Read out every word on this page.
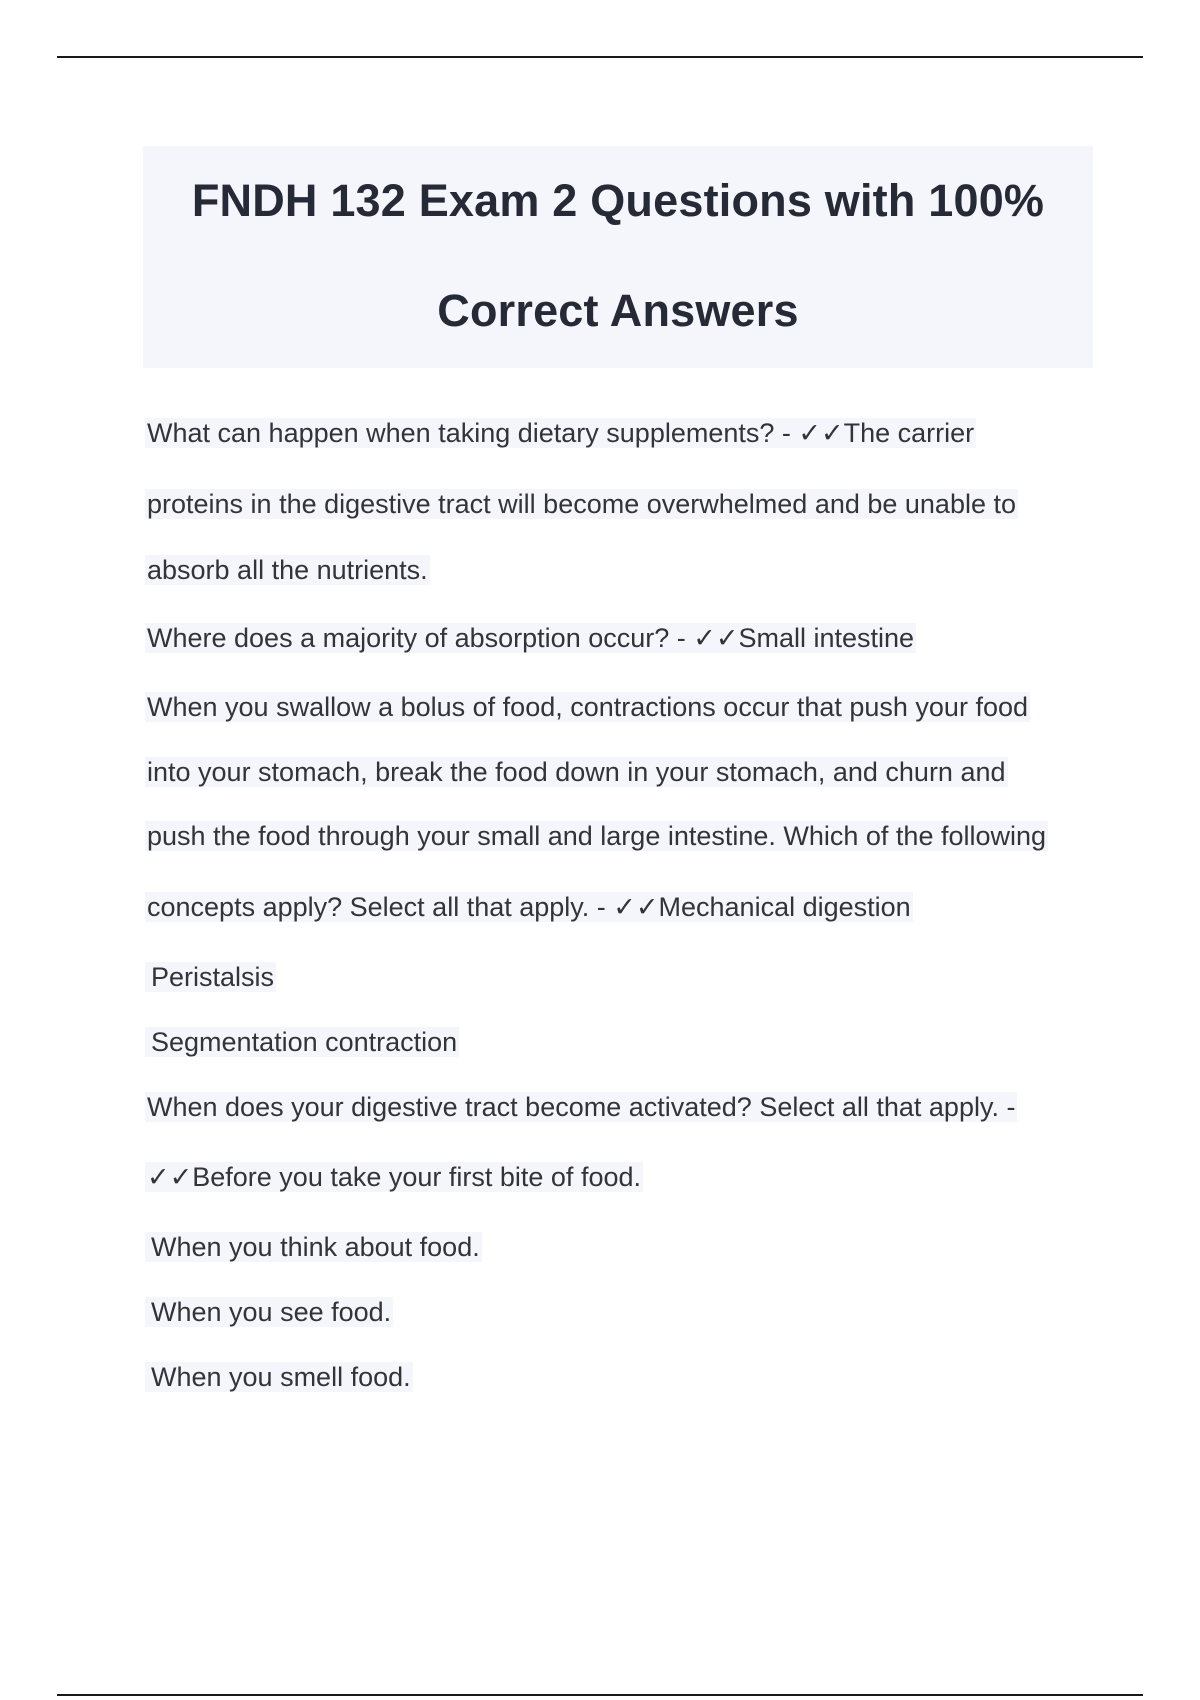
FNDH 132 Exam 2 Questions with 100%
Correct Answers
What can happen when taking dietary supplements? - ✓✓The carrier
proteins in the digestive tract will become overwhelmed and be unable to
absorb all the nutrients.
Where does a majority of absorption occur? - ✓✓Small intestine
When you swallow a bolus of food, contractions occur that push your food
into your stomach, break the food down in your stomach, and churn and
push the food through your small and large intestine. Which of the following
concepts apply? Select all that apply. - ✓✓Mechanical digestion
Peristalsis
Segmentation contraction
When does your digestive tract become activated? Select all that apply. -
✓✓Before you take your first bite of food.
When you think about food.
When you see food.
When you smell food.
